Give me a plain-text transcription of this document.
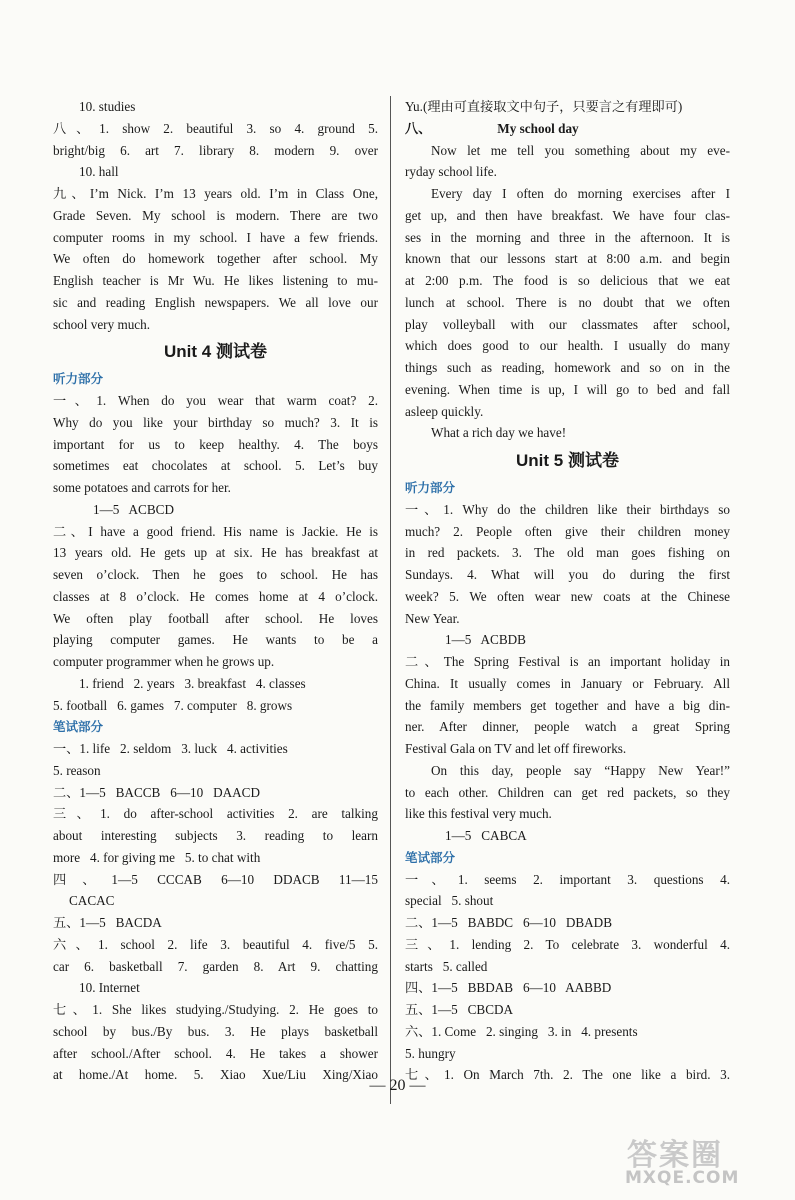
10. studies
八、1. show 2. beautiful 3. so 4. ground 5.
bright/big 6. art 7. library 8. modern 9. over
10. hall
九、I’m Nick. I’m 13 years old. I’m in Class One,
Grade Seven. My school is modern. There are two
computer rooms in my school. I have a few friends.
We often do homework together after school. My
English teacher is Mr Wu. He likes listening to mu-
sic and reading English newspapers. We all love our
school very much.
Unit 4 测试卷
听力部分
一、1. When do you wear that warm coat? 2.
Why do you like your birthday so much? 3. It is
important for us to keep healthy. 4. The boys
sometimes eat chocolates at school. 5. Let’s buy
some potatoes and carrots for her.
1—5   ACBCD
二、I have a good friend. His name is Jackie. He is
13 years old. He gets up at six. He has breakfast at
seven o’clock. Then he goes to school. He has
classes at 8 o’clock. He comes home at 4 o’clock.
We often play football after school. He loves
playing computer games. He wants to be a
computer programmer when he grows up.
1. friend   2. years   3. breakfast   4. classes
5. football   6. games   7. computer   8. grows
笔试部分
一、1. life   2. seldom   3. luck   4. activities
5. reason
二、1—5   BACCB   6—10   DAACD
三、1. do after-school activities 2. are talking
about interesting subjects 3. reading to learn
more   4. for giving me   5. to chat with
四、1—5 CCCAB 6—10 DDACB 11—15
CACAC
五、1—5   BACDA
六、1. school 2. life 3. beautiful 4. five/5 5.
car 6. basketball 7. garden 8. Art 9. chatting
10. Internet
七、1. She likes studying./Studying. 2. He goes to
school by bus./By bus. 3. He plays basketball
after school./After school. 4. He takes a shower
at home./At home. 5. Xiao Xue/Liu Xing/Xiao
Yu.(理由可直接取文中句子，只要言之有理即可)
八、                    My school day
Now let me tell you something about my eve-
ryday school life.
Every day I often do morning exercises after I
get up, and then have breakfast. We have four clas-
ses in the morning and three in the afternoon. It is
known that our lessons start at 8:00 a.m. and begin
at 2:00 p.m. The food is so delicious that we eat
lunch at school. There is no doubt that we often
play volleyball with our classmates after school,
which does good to our health. I usually do many
things such as reading, homework and so on in the
evening. When time is up, I will go to bed and fall
asleep quickly.
What a rich day we have!
Unit 5 测试卷
听力部分
一、1. Why do the children like their birthdays so
much? 2. People often give their children money
in red packets. 3. The old man goes fishing on
Sundays. 4. What will you do during the first
week? 5. We often wear new coats at the Chinese
New Year.
1—5   ACBDB
二、The Spring Festival is an important holiday in
China. It usually comes in January or February. All
the family members get together and have a big din-
ner. After dinner, people watch a great Spring
Festival Gala on TV and let off fireworks.
On this day, people say “Happy New Year!”
to each other. Children can get red packets, so they
like this festival very much.
1—5   CABCA
笔试部分
一、1. seems 2. important 3. questions 4.
special   5. shout
二、1—5   BABDC   6—10   DBADB
三、1. lending 2. To celebrate 3. wonderful 4.
starts   5. called
四、1—5   BBDAB   6—10   AABBD
五、1—5   CBCDA
六、1. Come   2. singing   3. in   4. presents
5. hungry
七、1. On March 7th. 2. The one like a bird. 3.
— 20 —
答案圈
MXQE.COM
